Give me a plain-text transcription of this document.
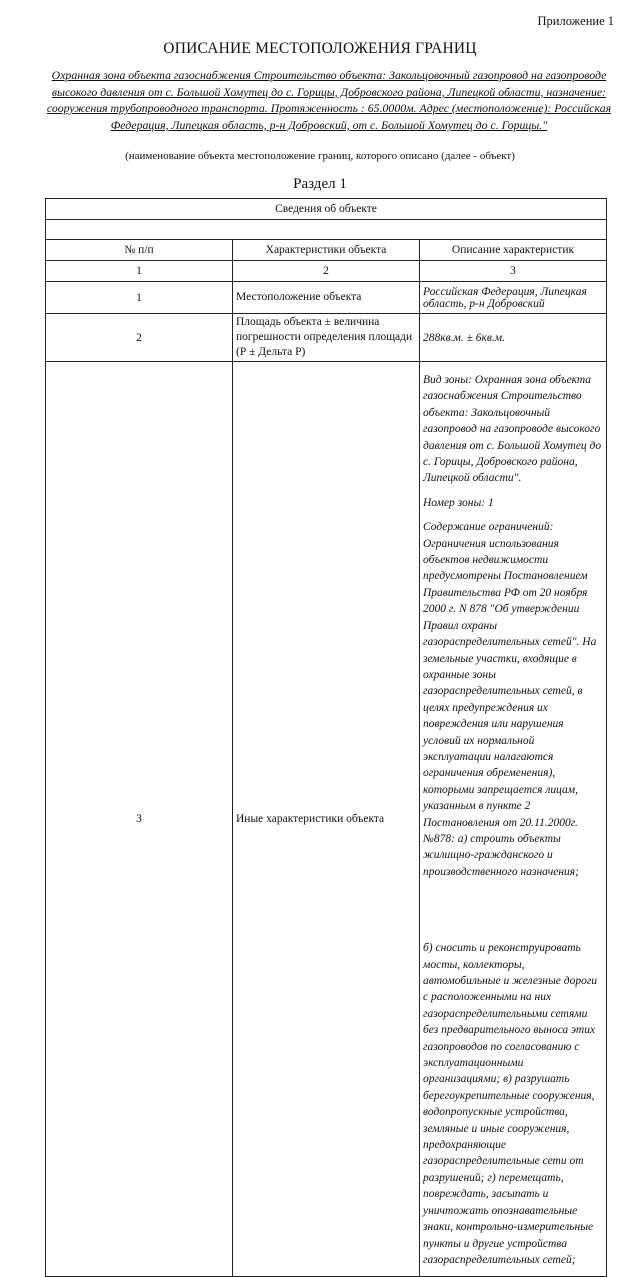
Приложение 1
ОПИСАНИЕ МЕСТОПОЛОЖЕНИЯ ГРАНИЦ
Охранная зона объекта газоснабжения Строительство объекта: Закольцовочный газопровод на газопроводе высокого давления от с. Большой Хомутец до с. Горицы, Добровского района, Липецкой области, назначение: сооружения трубопроводного транспорта. Протяженность : 65.0000м. Адрес (местоположение): Российская Федерация, Липецкая область, р-н Добровский, от с. Большой Хомутец до с. Горицы."
(наименование объекта местоположение границ, которого описано (далее - объект)
Раздел 1
Сведения об объекте		

№ п/п	Характеристики объекта	Описание характеристик
1	2	3
1	Местоположение объекта	Российская Федерация, Липецкая область, р-н Добровский
2	Площадь объекта ± величина погрешности определения площади (Р ± Дельта Р)	288кв.м. ± 6кв.м.
3	Иные характеристики объекта	Вид зоны: Охранная зона объекта газоснабжения Строительство объекта: Закольцовочный газопровод на газопроводе высокого давления от с. Большой Хомутец до с. Горицы, Добровского района, Липецкой области".

Номер зоны: 1

Содержание ограничений: Ограничения использования объектов недвижимости предусмотрены Постановлением Правительства РФ от 20 ноября 2000 г. N 878 "Об утверждении Правил охраны газораспределительных сетей". На земельные участки, входящие в охранные зоны газораспределительных сетей, в целях предупреждения их повреждения или нарушения условий их нормальной эксплуатации налагаются ограничения обременения), которыми запрещается лицам, указанным в пункте 2 Постановления от 20.11.2000г. №878: а) строить объекты жилищно-гражданского и производственного назначения;

б) сносить и реконструировать мосты, коллекторы, автомобильные и железные дороги с расположенными на них газораспределительными сетями без предварительного выноса этих газопроводов по согласованию с эксплуатационными организациями; в) разрушать берегоукрепительные сооружения, водопропускные устройства, земляные и иные сооружения, предохраняющие газораспределительные сети от разрушений; г) перемещать, повреждать, засыпать и уничтожать опознавательные знаки, контрольно-измерительные пункты и другие устройства газораспределительных сетей;
